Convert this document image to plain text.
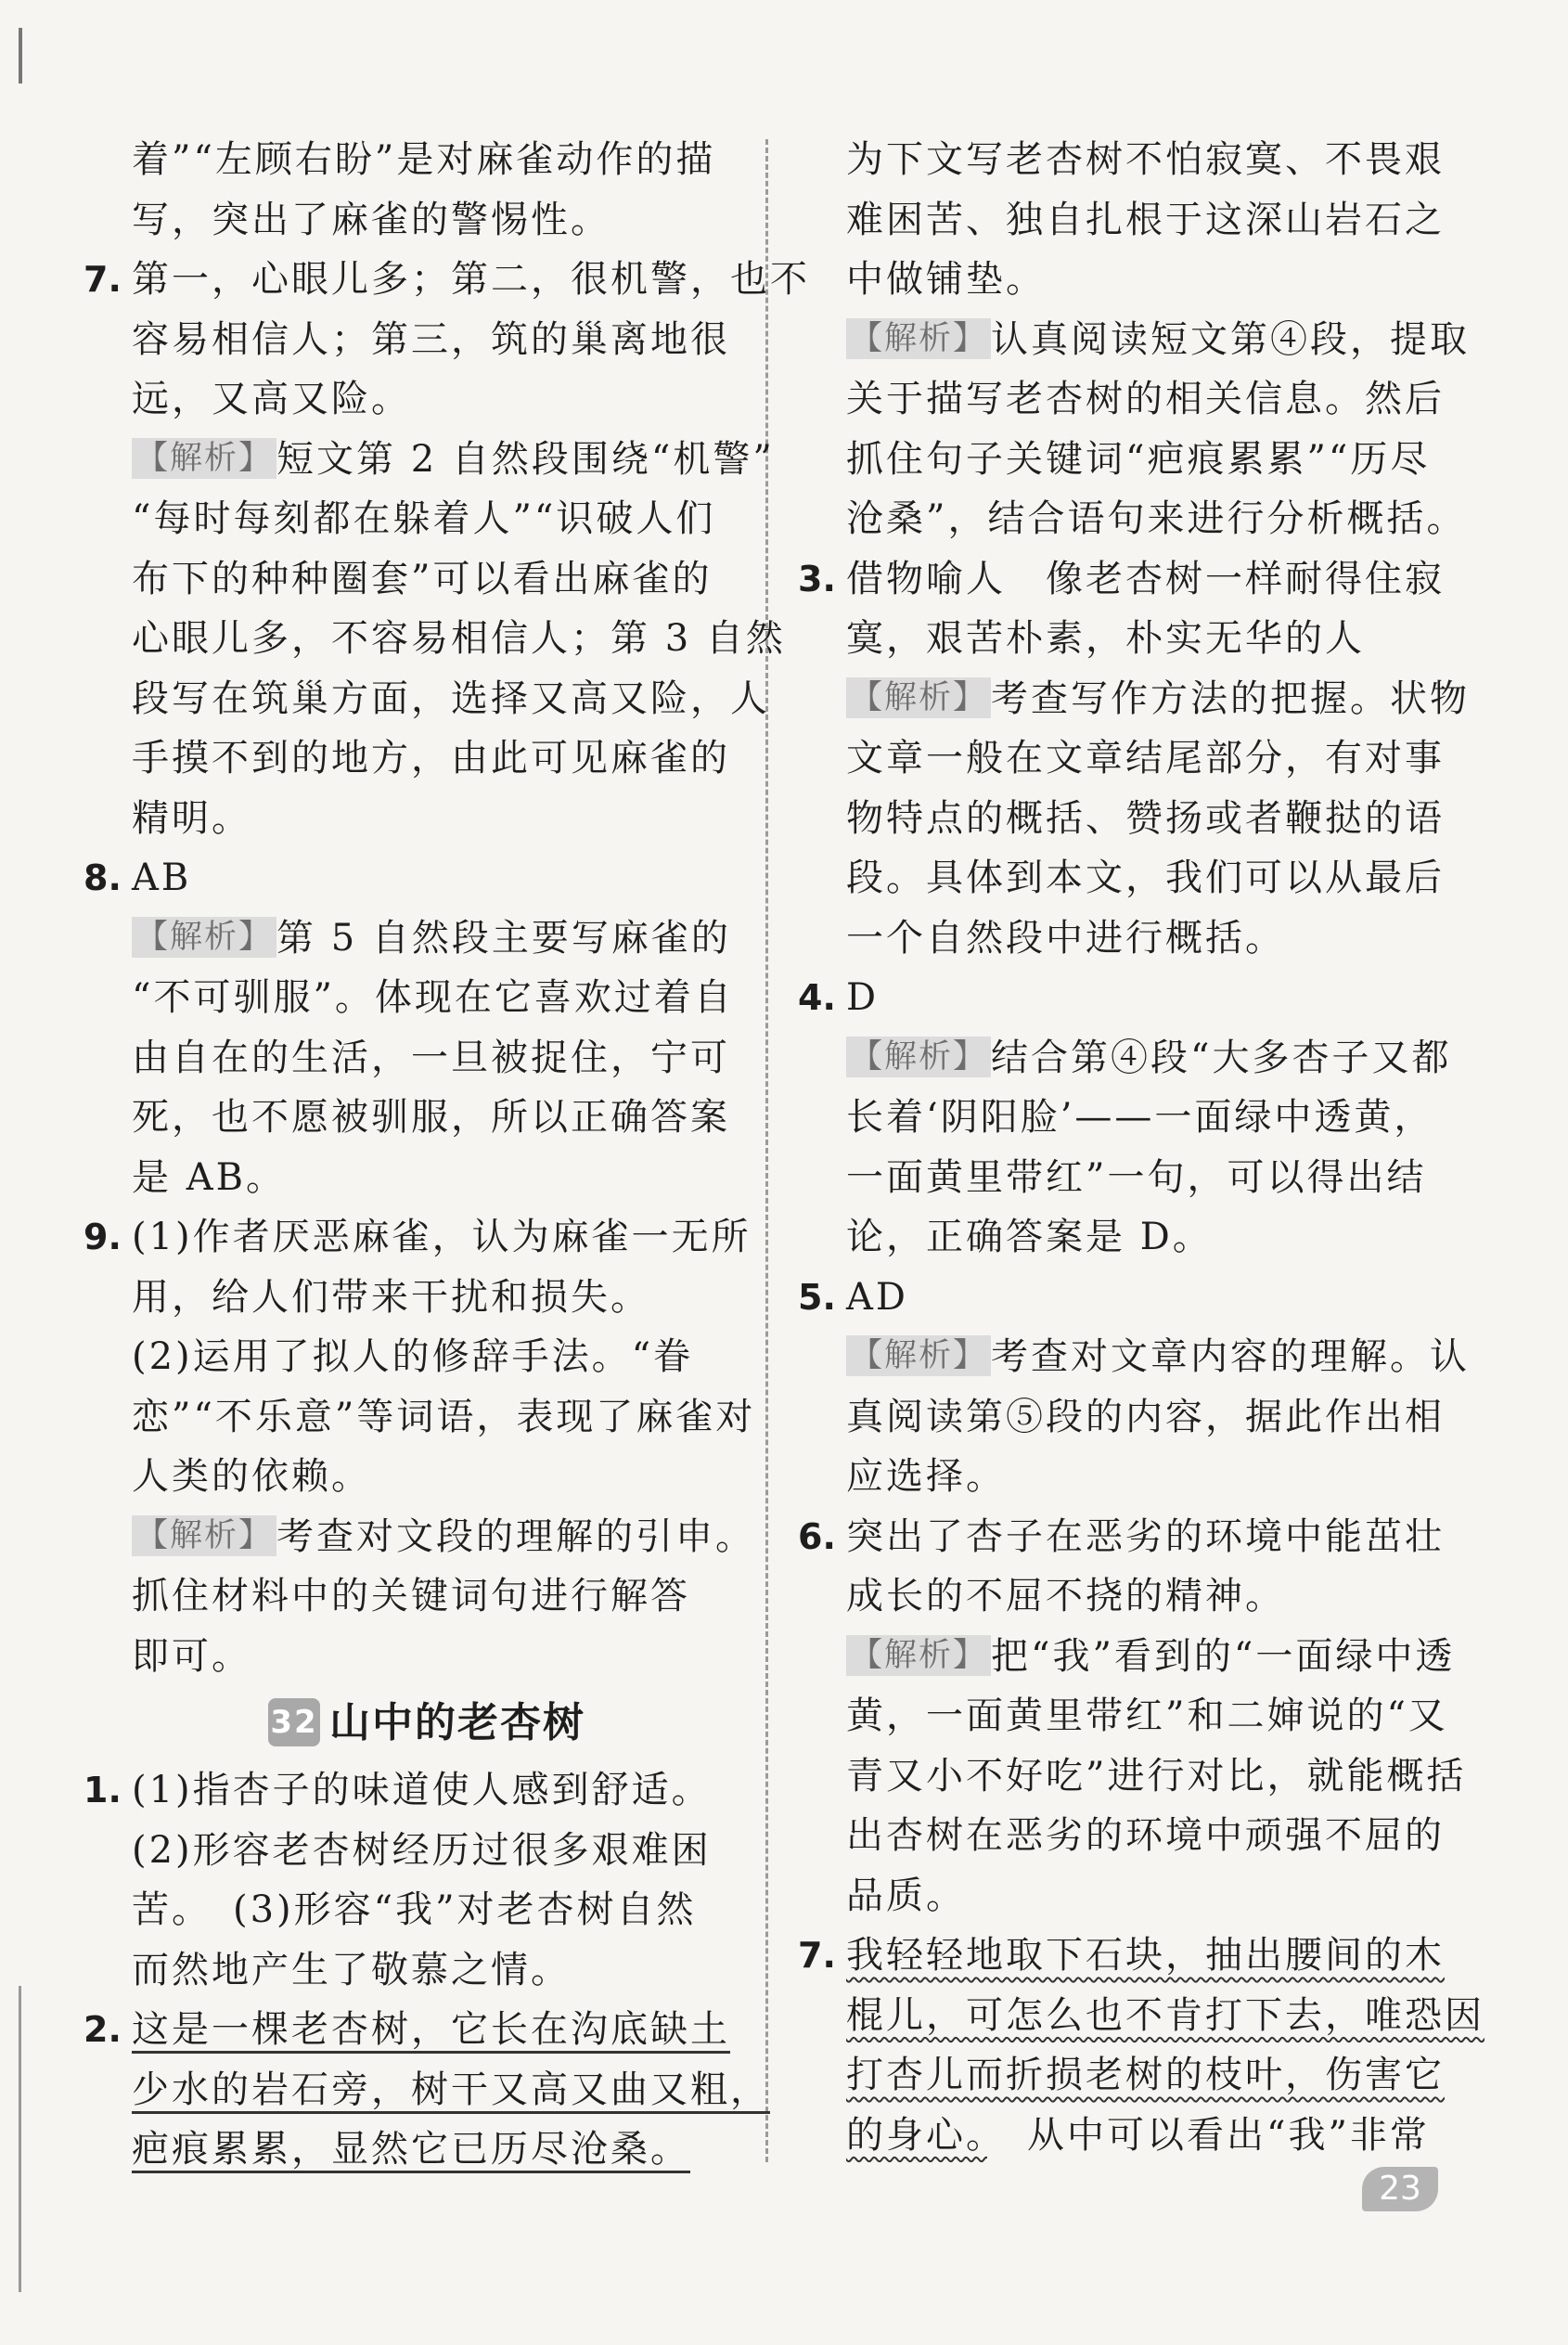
着”“左顾右盼”是对麻雀动作的描
写，突出了麻雀的警惕性。
7. 第一，心眼儿多；第二，很机警，也不
容易相信人；第三，筑的巢离地很
远，又高又险。
【解析】 短文第 2 自然段围绕“机警”
“每时每刻都在躲着人”“识破人们
布下的种种圈套”可以看出麻雀的
心眼儿多，不容易相信人；第 3 自然
段写在筑巢方面，选择又高又险，人
手摸不到的地方，由此可见麻雀的
精明。
8. AB
【解析】 第 5 自然段主要写麻雀的
“不可驯服”。体现在它喜欢过着自
由自在的生活，一旦被捉住，宁可
死，也不愿被驯服，所以正确答案
是 AB。
9. (1)作者厌恶麻雀，认为麻雀一无所
用，给人们带来干扰和损失。
(2)运用了拟人的修辞手法。“眷
恋”“不乐意”等词语，表现了麻雀对
人类的依赖。
【解析】 考查对文段的理解的引申。
抓住材料中的关键词句进行解答
即可。
32 山中的老杏树
1. (1)指杏子的味道使人感到舒适。
(2)形容老杏树经历过很多艰难困
苦。　(3)形容“我”对老杏树自然
而然地产生了敬慕之情。
2. 这是一棵老杏树，它长在沟底缺土
少水的岩石旁，树干又高又曲又粗，
疤痕累累，显然它已历尽沧桑。
为下文写老杏树不怕寂寞、不畏艰
难困苦、独自扎根于这深山岩石之
中做铺垫。
【解析】 认真阅读短文第④段，提取
关于描写老杏树的相关信息。然后
抓住句子关键词“疤痕累累”“历尽
沧桑”，结合语句来进行分析概括。
3. 借物喻人　像老杏树一样耐得住寂
寞，艰苦朴素，朴实无华的人
【解析】 考查写作方法的把握。状物
文章一般在文章结尾部分，有对事
物特点的概括、赞扬或者鞭挞的语
段。具体到本文，我们可以从最后
一个自然段中进行概括。
4. D
【解析】 结合第④段“大多杏子又都
长着‘阴阳脸’——一面绿中透黄，
一面黄里带红”一句，可以得出结
论，正确答案是 D。
5. AD
【解析】 考查对文章内容的理解。认
真阅读第⑤段的内容，据此作出相
应选择。
6. 突出了杏子在恶劣的环境中能茁壮
成长的不屈不挠的精神。
【解析】 把“我”看到的“一面绿中透
黄，一面黄里带红”和二婶说的“又
青又小不好吃”进行对比，就能概括
出杏树在恶劣的环境中顽强不屈的
品质。
7. 我轻轻地取下石块，抽出腰间的木
棍儿，可怎么也不肯打下去，唯恐因
打杏儿而折损老树的枝叶，伤害它
的身心。　从中可以看出“我”非常
23
